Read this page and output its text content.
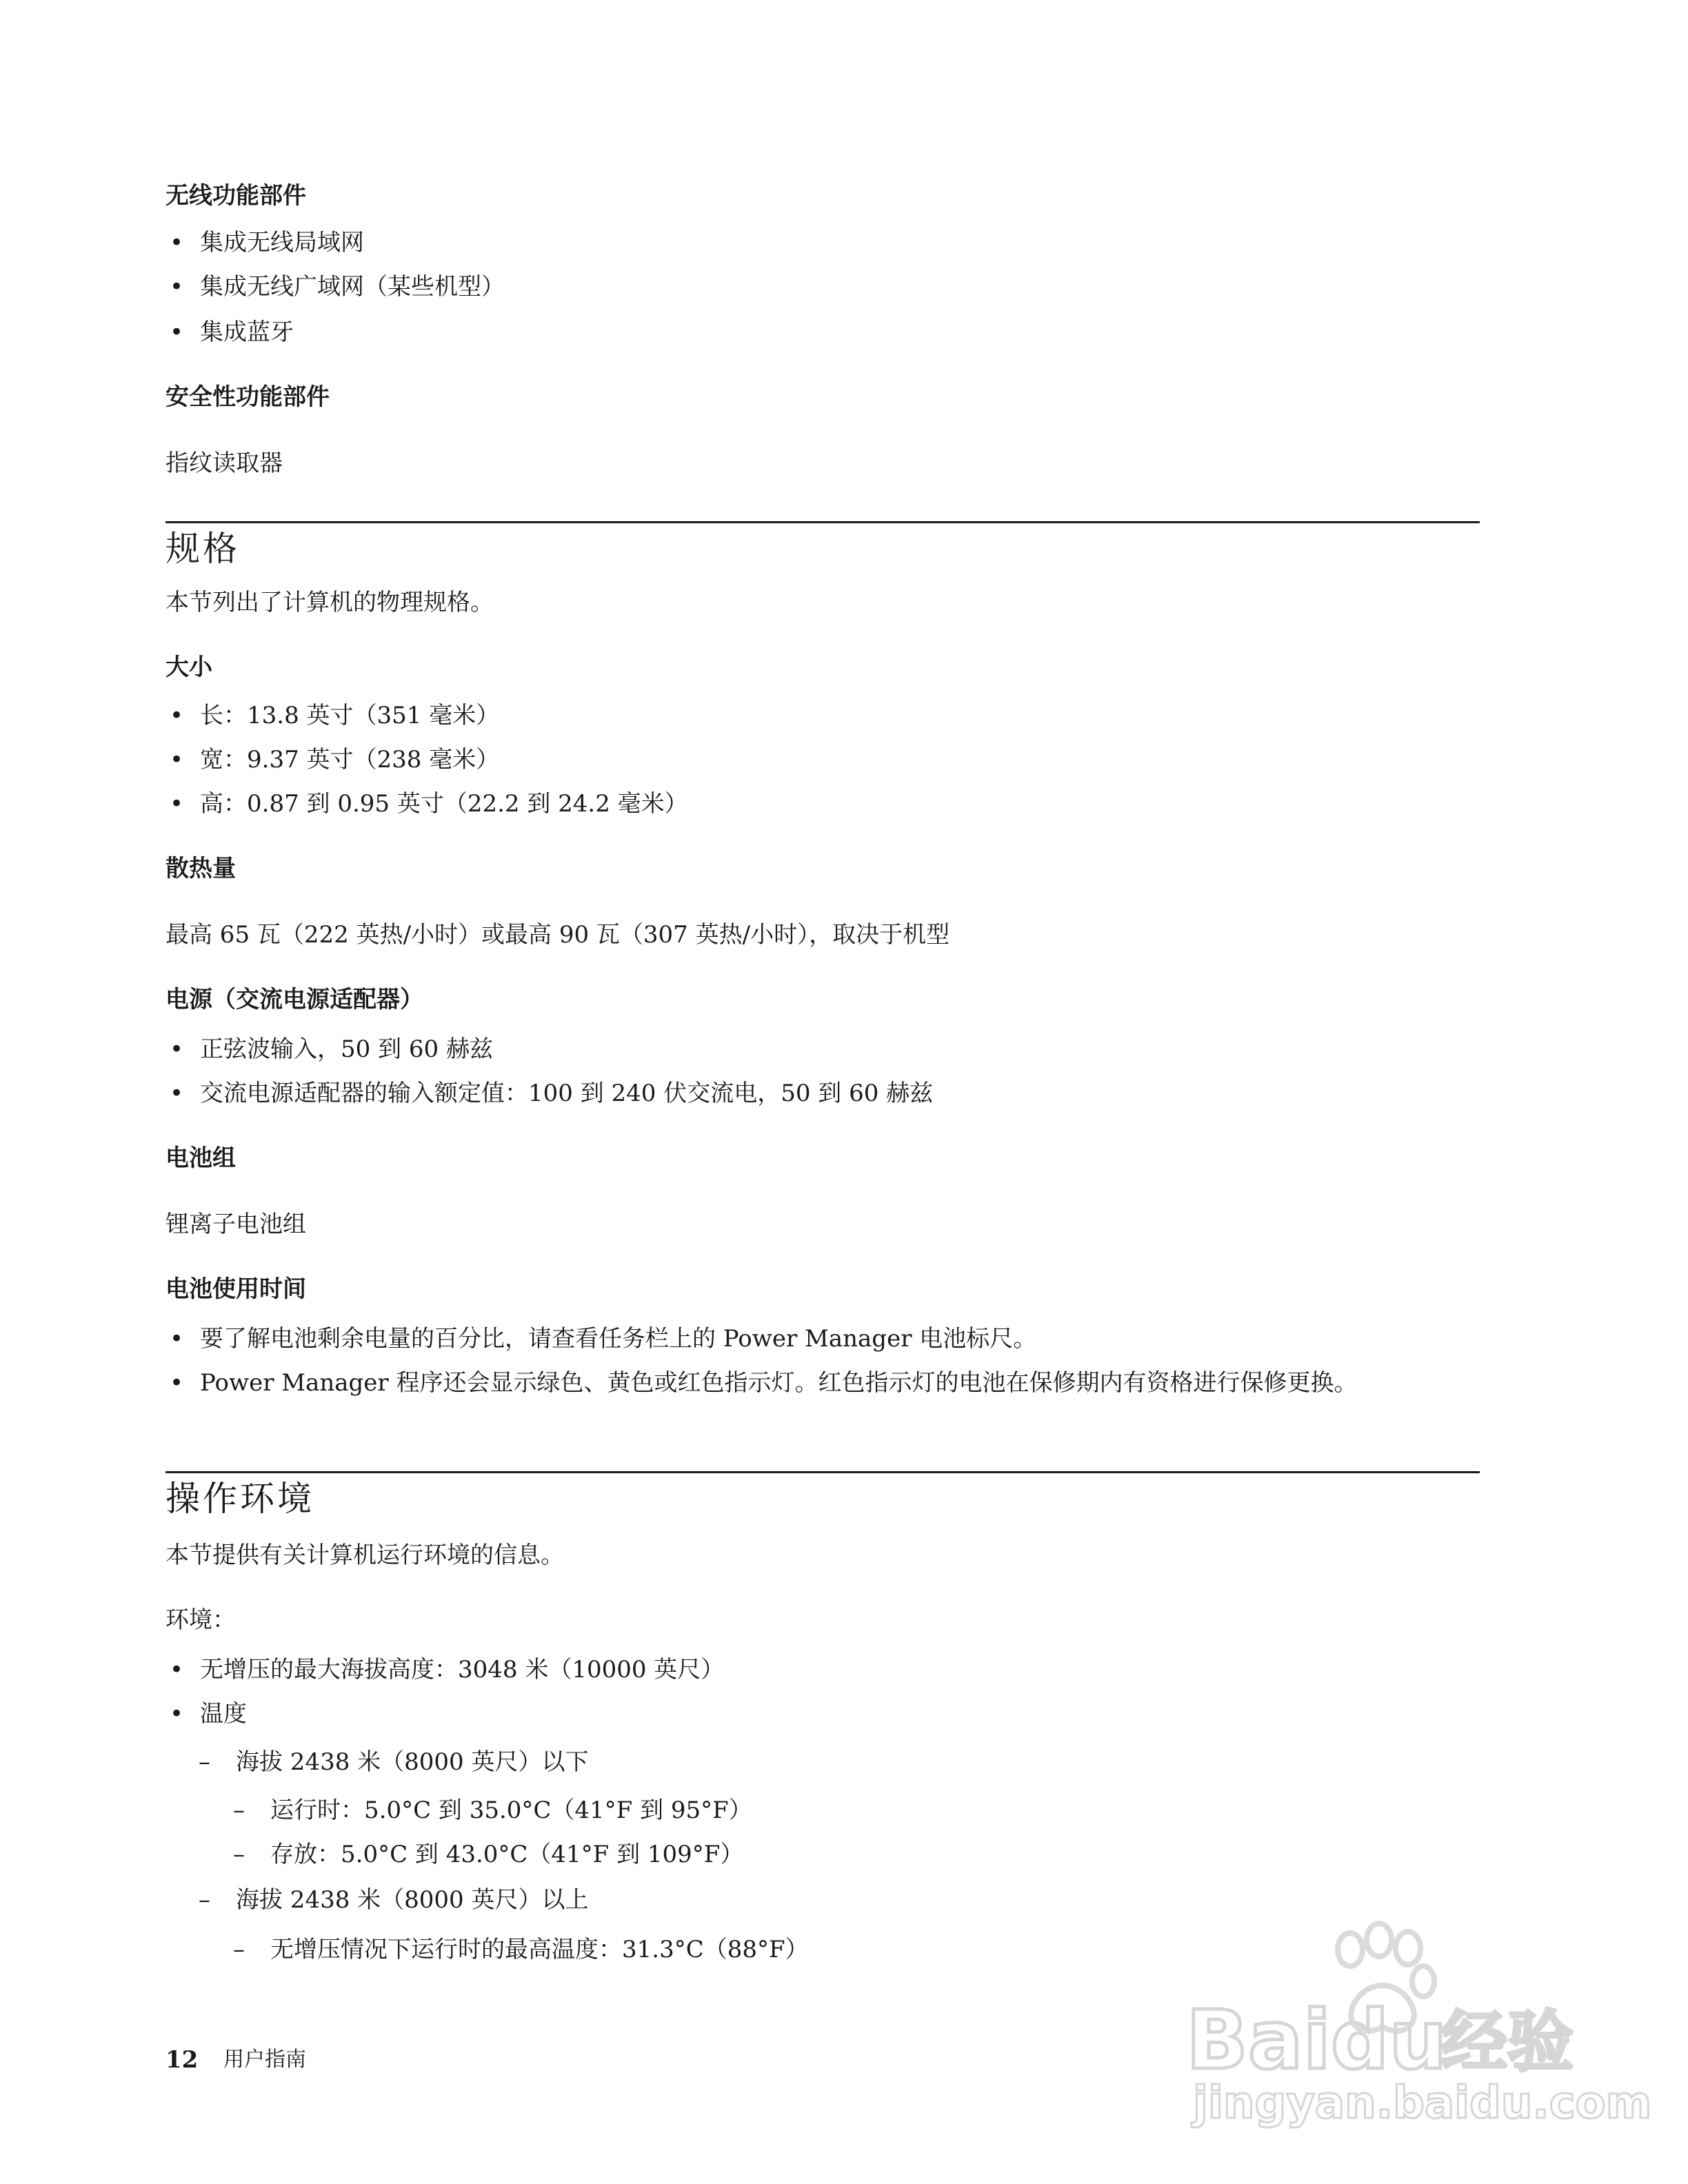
无线功能部件
• 集成无线局域网
• 集成无线广域网（某些机型）
• 集成蓝牙
安全性功能部件
指纹读取器
规格
本节列出了计算机的物理规格。
大小
• 长：13.8 英寸（351 毫米）
• 宽：9.37 英寸（238 毫米）
• 高：0.87 到 0.95 英寸（22.2 到 24.2 毫米）
散热量
最高 65 瓦（222 英热/小时）或最高 90 瓦（307 英热/小时），取决于机型
电源（交流电源适配器）
• 正弦波输入，50 到 60 赫兹
• 交流电源适配器的输入额定值：100 到 240 伏交流电，50 到 60 赫兹
电池组
锂离子电池组
电池使用时间
• 要了解电池剩余电量的百分比，请查看任务栏上的 Power Manager 电池标尺。
• Power Manager 程序还会显示绿色、黄色或红色指示灯。红色指示灯的电池在保修期内有资格进行保修更换。
操作环境
本节提供有关计算机运行环境的信息。
环境：
• 无增压的最大海拔高度：3048 米（10000 英尺）
• 温度
– 海拔 2438 米（8000 英尺）以下
– 运行时：5.0°C 到 35.0°C（41°F 到 95°F）
– 存放：5.0°C 到 43.0°C（41°F 到 109°F）
– 海拔 2438 米（8000 英尺）以上
– 无增压情况下运行时的最高温度：31.3°C（88°F）
12 用户指南	Baidu
经验
jingyan.baidu.com
